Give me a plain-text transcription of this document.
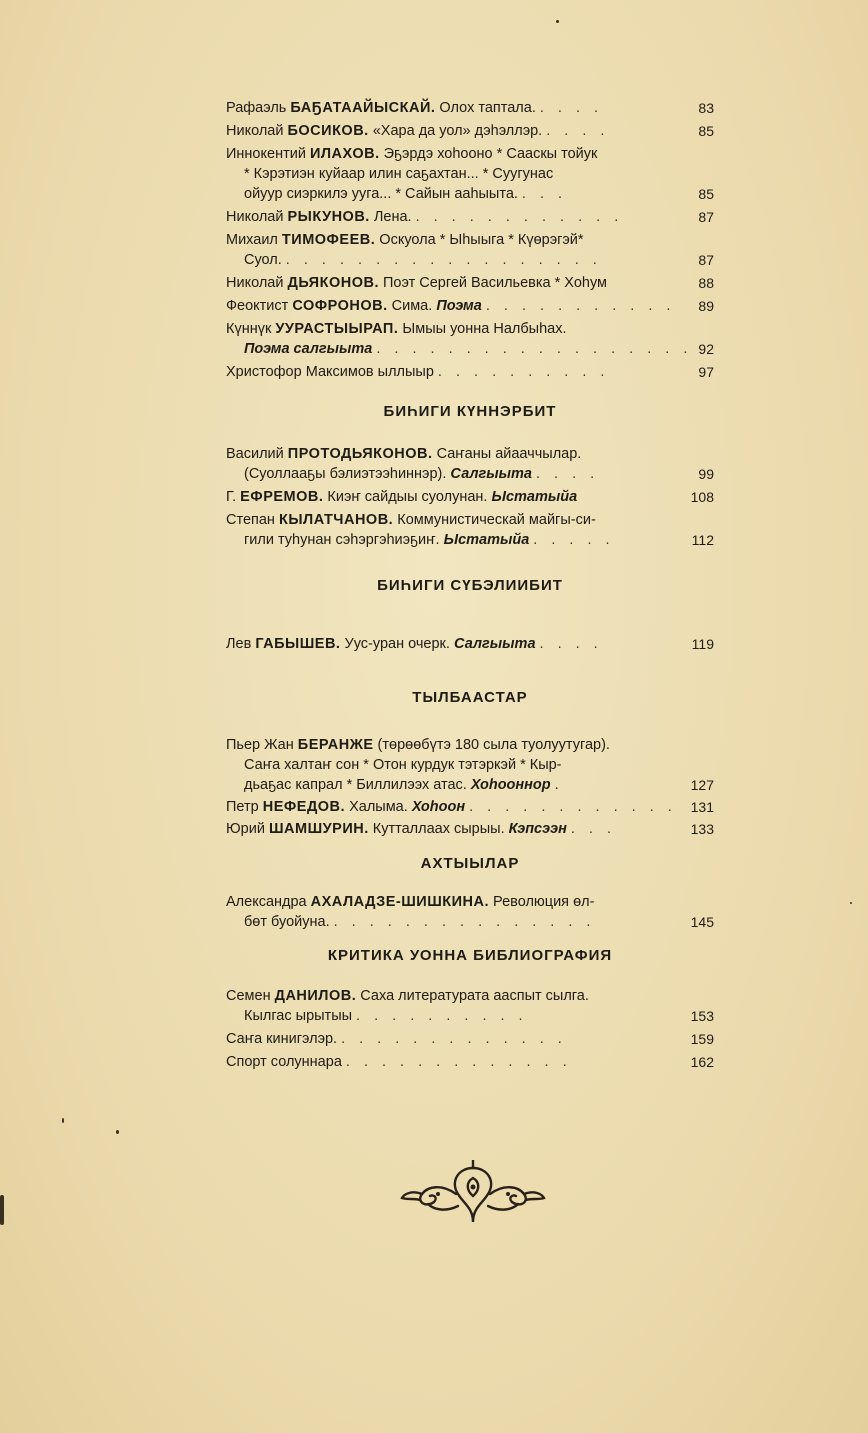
Рафаэль БАҔАТААЙЫСКАЙ. Олох таптала. . . . .	83
Николай БОСИКОВ. «Хара да уол» дэһэллэр. . . . .	85
Иннокентий ИЛАХОВ. Эҕэрдэ хоһооно * Сааскы тойук
* Кэрэтиэн куйаар илин саҕахтан... * Суугунас
ойуур сиэркилэ ууга... * Сайын ааһыыта. . . .	85
Николай РЫКУНОВ. Лена. . . . . . . . . . . . .	87
Михаил ТИМОФЕЕВ. Оскуола * Ыһыыга * Күөрэгэй*
Суол. . . . . . . . . . . . . . . . . . .	87
Николай ДЬЯКОНОВ. Поэт Сергей Васильевка * Хоһум	88
Феоктист СОФРОНОВ. Сима. Поэма . . . . . . . . . . .	89
Күннүк УУРАСТЫЫРАП. Ымыы уонна Налбыһах.
Поэма салгыыта . . . . . . . . . . . . . . . . . . 92
Христофор Максимов ыллыыр . . . . . . . . . .	97
БИҺИГИ КҮННЭРБИТ
Василий ПРОТОДЬЯКОНОВ. Саҥаны айааччылар.
(Суоллааҕы бэлиэтээһиннэр). Салгыыта . . . .	99
Г. ЕФРЕМОВ. Киэҥ сайдыы суолунан. Ыстатыйа	108
Степан КЫЛАТЧАНОВ. Коммунистическай майгы-си-
гили туһунан сэһэргэһиэҕиҥ. Ыстатыйа . . . . .	112
БИҺИГИ СҮБЭЛИИБИТ
Лев ГАБЫШЕВ. Уус-уран очерк. Салгыыта . . . .	119
ТЫЛБААСТАР
Пьер Жан БЕРАНЖЕ (төрөөбүтэ 180 сыла туолуутугар).
Саҥа халтаҥ сон * Отон курдук тэтэркэй * Кыр-
дьаҕас капрал * Биллилээх атас. Хоһооннор .	127
Петр НЕФЕДОВ. Халыма. Хоһоон . . . . . . . . . . . . 131
Юрий ШАМШУРИН. Кутталлаах сырыы. Кэпсээн . . .	133
АХТЫЫЛАР
Александра АХАЛАДЗЕ-ШИШКИНА. Революция өл-
бөт буойуна. . . . . . . . . . . . . . . .	145
КРИТИКА УОННА БИБЛИОГРАФИЯ
Семен ДАНИЛОВ. Саха литературата ааспыт сылга.
Кылгас ырытыы . . . . . . . . . .	153
Саҥа кинигэлэр. . . . . . . . . . . . . .	159
Спорт солуннара . . . . . . . . . . . . .	162
